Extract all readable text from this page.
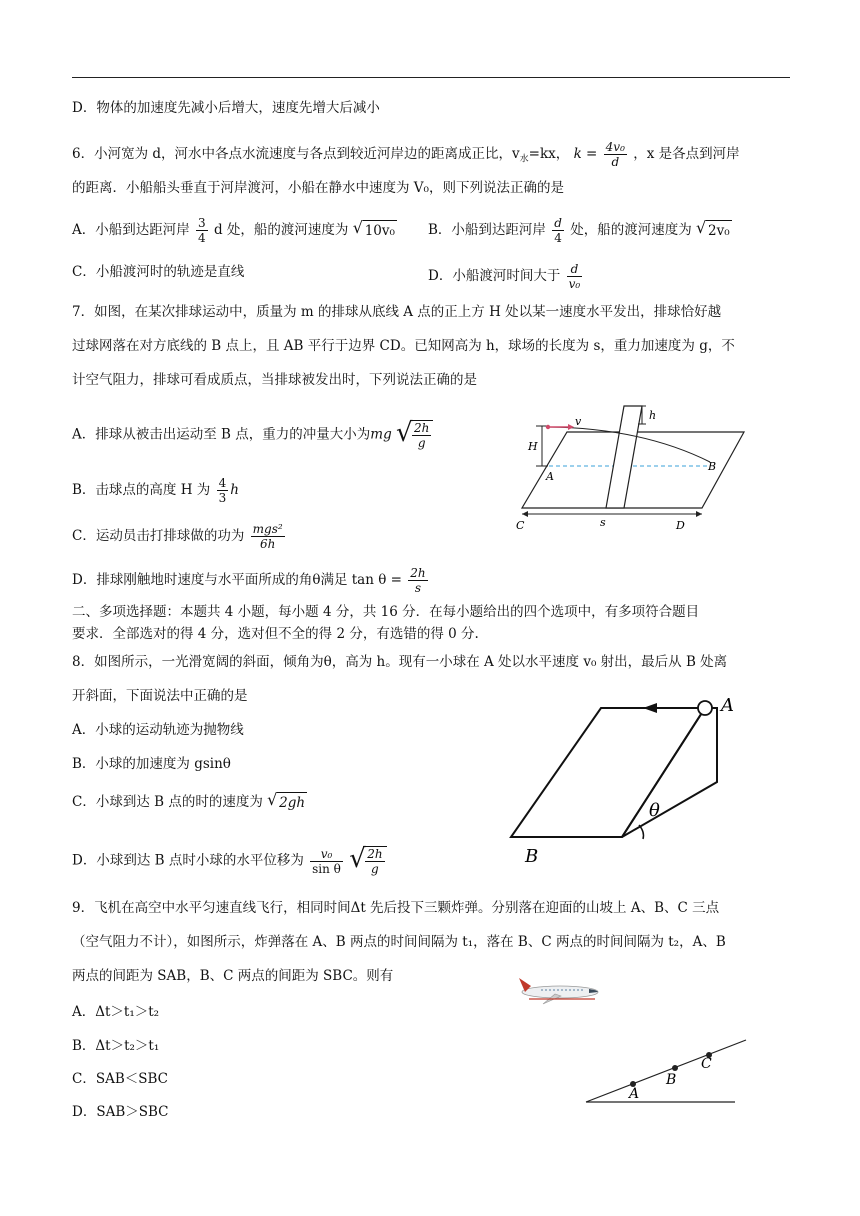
D．物体的加速度先减小后增大，速度先增大后减小
6．小河宽为 d，河水中各点水流速度与各点到较近河岸边的距离成正比，$v_水=kx$， $k = \frac{\text{4v₀}}{d}$ ，x 是各点到河岸
的距离．小船船头垂直于河岸渡河，小船在静水中速度为 V₀，则下列说法正确的是
A．小船到达距河岸 $\frac{3}{4}$ d 处，船的渡河速度为 √ 10v₀ B．小船到达距河岸 $\frac{d}{4}$ 处，船的渡河速度为 √ 2v₀
C．小船渡河时的轨迹是直线	D．小船渡河时间大于 $\frac{d}{\text{v₀}}$
7．如图，在某次排球运动中，质量为 m 的排球从底线 A 点的正上方 H 处以某一速度水平发出，排球恰好越
过球网落在对方底线的 B 点上，且 AB 平行于边界 CD。已知网高为 h，球场的长度为 s，重力加速度为 g，不
计空气阻力，排球可看成质点，当排球被发出时，下列说法正确的是
A．排球从被击出运动至 B 点，重力的冲量大小为mg √ $\frac{2h}{g}$
B．击球点的高度 H 为 $\frac{4}{3}$ h
C．运动员击打排球做的功为 $\frac{\text{mgs²}}{6h}$
D．排球刚触地时速度与水平面所成的角θ满足 $\tan \theta = \frac{2h}{s}$
v	h
H
A
B
C	D
s
二、多项选择题：本题共 4 小题，每小题 4 分，共 16 分．在每小题给出的四个选项中，有多项符合题目
要求．全部选对的得 4 分，选对但不全的得 2 分，有选错的得 0 分.
8．如图所示，一光滑宽阔的斜面，倾角为θ，高为 h。现有一小球在 A 处以水平速度 v₀ 射出，最后从 B 处离
开斜面，下面说法中正确的是
A．小球的运动轨迹为抛物线
B．小球的加速度为 gsinθ
C．小球到达 B 点的时的速度为 √ 2gh
D．小球到达 B 点时小球的水平位移为 $\frac{\text{v₀}}{\text{sin θ}}$
√ $\frac{2h}{g}$
A
B
θ
9．飞机在高空中水平匀速直线飞行，相同时间Δt 先后投下三颗炸弹。分别落在迎面的山坡上 A、B、C 三点
（空气阻力不计），如图所示，炸弹落在 A、B 两点的时间间隔为 t₁，落在 B、C 两点的时间间隔为 t₂，A、B
两点的间距为 SAB，B、C 两点的间距为 SBC。则有
A．Δt＞t₁＞t₂
B．Δt＞t₂＞t₁
C．SAB＜SBC
D．SAB＞SBC
A
B
C
